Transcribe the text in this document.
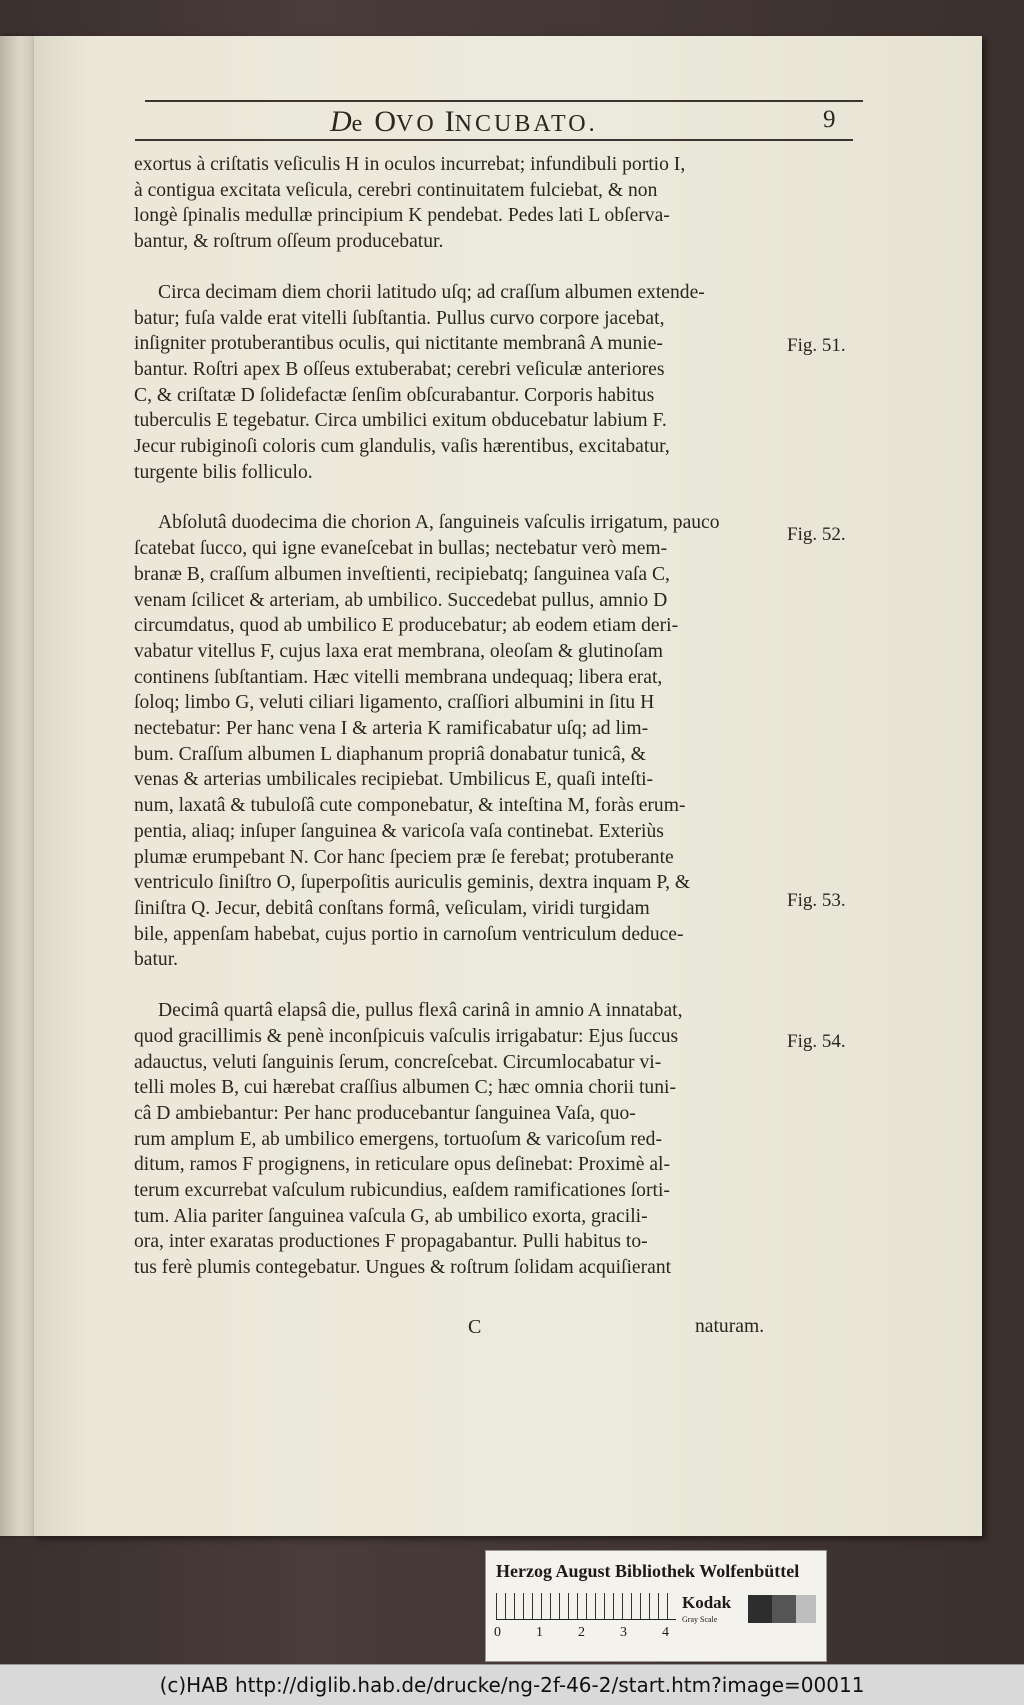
De OVO INCUBATO.	9
exortus à criſtatis veſiculis H in oculos incurrebat; infundibuli portio I,
à contigua excitata veſicula, cerebri continuitatem fulciebat, & non
longè ſpinalis medullæ principium K pendebat. Pedes lati L obſerva-
bantur, & roſtrum oſſeum producebatur.
Circa decimam diem chorii latitudo uſq; ad craſſum albumen extende-
batur; fuſa valde erat vitelli ſubſtantia. Pullus curvo corpore jacebat,
inſigniter protuberantibus oculis, qui nictitante membranâ A munie-
bantur. Roſtri apex B oſſeus extuberabat; cerebri veſiculæ anteriores
C, & criſtatæ D ſolidefactæ ſenſim obſcurabantur. Corporis habitus
tuberculis E tegebatur. Circa umbilici exitum obducebatur labium F.
Jecur rubiginoſi coloris cum glandulis, vaſis hærentibus, excitabatur,
turgente bilis folliculo.
Abſolutâ duodecima die chorion A, ſanguineis vaſculis irrigatum, pauco
ſcatebat ſucco, qui igne evaneſcebat in bullas; nectebatur verò mem-
branæ B, craſſum albumen inveſtienti, recipiebatq; ſanguinea vaſa C,
venam ſcilicet & arteriam, ab umbilico. Succedebat pullus, amnio D
circumdatus, quod ab umbilico E producebatur; ab eodem etiam deri-
vabatur vitellus F, cujus laxa erat membrana, oleoſam & glutinoſam
continens ſubſtantiam. Hæc vitelli membrana undequaq; libera erat,
ſoloq; limbo G, veluti ciliari ligamento, craſſiori albumini in ſitu H
nectebatur: Per hanc vena I & arteria K ramificabatur uſq; ad lim-
bum. Craſſum albumen L diaphanum propriâ donabatur tunicâ, &
venas & arterias umbilicales recipiebat. Umbilicus E, quaſi inteſti-
num, laxatâ & tubuloſâ cute componebatur, & inteſtina M, foràs erum-
pentia, aliaq; inſuper ſanguinea & varicoſa vaſa continebat. Exteriùs
plumæ erumpebant N. Cor hanc ſpeciem præ ſe ferebat; protuberante
ventriculo ſiniſtro O, ſuperpoſitis auriculis geminis, dextra inquam P, &
ſiniſtra Q. Jecur, debitâ conſtans formâ, veſiculam, viridi turgidam
bile, appenſam habebat, cujus portio in carnoſum ventriculum deduce-
batur.
Decimâ quartâ elapsâ die, pullus flexâ carinâ in amnio A innatabat,
quod gracillimis & penè inconſpicuis vaſculis irrigabatur: Ejus ſuccus
adauctus, veluti ſanguinis ſerum, concreſcebat. Circumlocabatur vi-
telli moles B, cui hærebat craſſius albumen C; hæc omnia chorii tuni-
câ D ambiebantur: Per hanc producebantur ſanguinea Vaſa, quo-
rum amplum E, ab umbilico emergens, tortuoſum & varicoſum red-
ditum, ramos F progignens, in reticulare opus deſinebat: Proximè al-
terum excurrebat vaſculum rubicundius, eaſdem ramificationes ſorti-
tum. Alia pariter ſanguinea vaſcula G, ab umbilico exorta, gracili-
ora, inter exaratas productiones F propagabantur. Pulli habitus to-
tus ferè plumis contegebatur. Ungues & roſtrum ſolidam acquiſierant
Fig. 51.
Fig. 52.
Fig. 53.
Fig. 54.
C	naturam.
Herzog August Bibliothek Wolfenbüttel
0	1	2	3	4
Kodak
Gray Scale
(c)HAB http://diglib.hab.de/drucke/ng-2f-46-2/start.htm?image=00011
